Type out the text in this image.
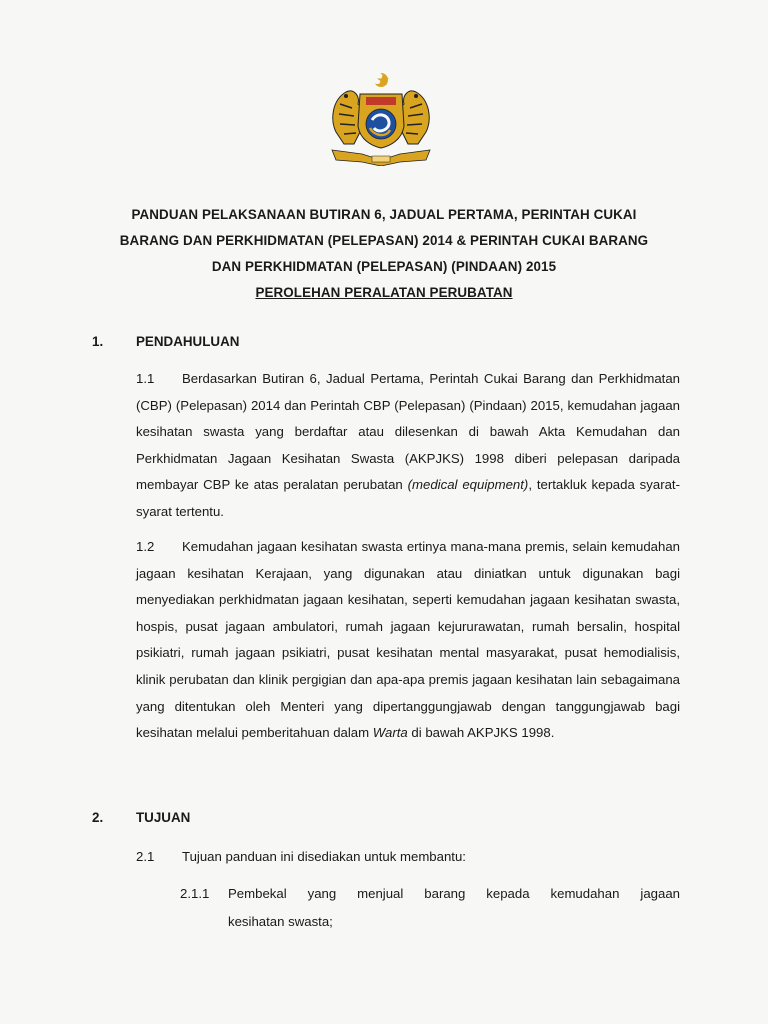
PANDUAN PELAKSANAAN BUTIRAN 6, JADUAL PERTAMA, PERINTAH CUKAI
BARANG DAN PERKHIDMATAN (PELEPASAN) 2014 & PERINTAH CUKAI BARANG
DAN PERKHIDMATAN (PELEPASAN) (PINDAAN) 2015
PEROLEHAN PERALATAN PERUBATAN
1. PENDAHULUAN
1.1 Berdasarkan Butiran 6, Jadual Pertama, Perintah Cukai Barang dan Perkhidmatan (CBP) (Pelepasan) 2014 dan Perintah CBP (Pelepasan) (Pindaan) 2015, kemudahan jagaan kesihatan swasta yang berdaftar atau dilesenkan di bawah Akta Kemudahan dan Perkhidmatan Jagaan Kesihatan Swasta (AKPJKS) 1998 diberi pelepasan daripada membayar CBP ke atas peralatan perubatan (medical equipment), tertakluk kepada syarat-syarat tertentu.
1.2 Kemudahan jagaan kesihatan swasta ertinya mana-mana premis, selain kemudahan jagaan kesihatan Kerajaan, yang digunakan atau diniatkan untuk digunakan bagi menyediakan perkhidmatan jagaan kesihatan, seperti kemudahan jagaan kesihatan swasta, hospis, pusat jagaan ambulatori, rumah jagaan kejururawatan, rumah bersalin, hospital psikiatri, rumah jagaan psikiatri, pusat kesihatan mental masyarakat, pusat hemodialisis, klinik perubatan dan klinik pergigian dan apa-apa premis jagaan kesihatan lain sebagaimana yang ditentukan oleh Menteri yang dipertanggungjawab dengan tanggungjawab bagi kesihatan melalui pemberitahuan dalam Warta di bawah AKPJKS 1998.
2. TUJUAN
2.1 Tujuan panduan ini disediakan untuk membantu:
2.1.1	Pembekal yang menjual barang kepada kemudahan jagaan
kesihatan swasta;
